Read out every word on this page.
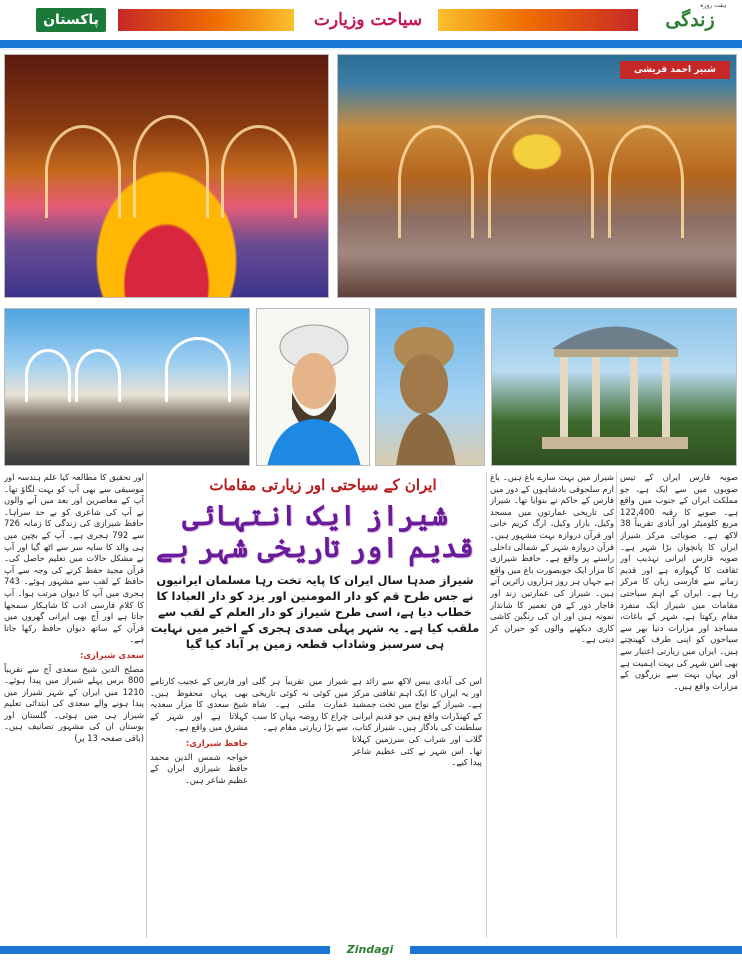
پاکستان	سیاحت وزیارت	زندگی
ہفت روزہ
شبیر احمد قریشی
ایران کے سیاحتی اور زیارتی مقامات
شیراز ایک انتہائی قدیم اور تاریخی شہر ہے
شیراز صدہا سال ایران کا پایہ تخت رہا مسلمان ایرانیوں نے جس طرح قم کو دار المومنین اور یزد کو دار العبادا کا خطاب دیا ہے، اسی طرح شیراز کو دار العلم کے لقب سے ملقب کیا ہے۔ یہ شہر پہلی صدی ہجری کے اخیر میں نہایت ہی سرسبز وشاداب قطعہ زمین پر آباد کیا گیا
صوبہ فارس ایران کے تیس صوبوں میں سے ایک ہے، جو مملکت ایران کے جنوب میں واقع ہے۔ صوبے کا رقبہ 122,400 مربع کلومیٹر اور آبادی تقریباً 38 لاکھ ہے۔ صوبائی مرکز شیراز ایران کا پانچواں بڑا شہر ہے۔ صوبہ فارس ایرانی تہذیب اور ثقافت کا گہوارہ ہے اور قدیم زمانے سے فارسی زبان کا مرکز رہا ہے۔ ایران کے اہم سیاحتی مقامات میں شیراز ایک منفرد مقام رکھتا ہے، شہر کے باغات، مساجد اور مزارات دنیا بھر سے سیاحوں کو اپنی طرف کھینچتے ہیں۔ ایران میں زیارتی اعتبار سے بھی اس شہر کی بہت اہمیت ہے اور یہاں بہت سے بزرگوں کے مزارات واقع ہیں۔
شیراز میں بہت سارے باغ ہیں۔ باغ ارم سلجوقی بادشاہوں کے دور میں فارس کے حاکم نے بنوایا تھا۔ شیراز کی تاریخی عمارتوں میں مسجد وکیل، بازار وکیل، ارگ کریم خانی اور قرآن دروازہ بہت مشہور ہیں۔ قرآن دروازہ شہر کے شمالی داخلی راستے پر واقع ہے۔ حافظ شیرازی کا مزار ایک خوبصورت باغ میں واقع ہے جہاں ہر روز ہزاروں زائرین آتے ہیں۔ شیراز کی عمارتیں زند اور قاجار دور کے فن تعمیر کا شاندار نمونہ ہیں اور ان کی رنگین کاشی کاری دیکھنے والوں کو حیران کر دیتی ہے۔
اس کی آبادی بیس لاکھ سے زائد ہے اور یہ ایران کا ایک اہم ثقافتی مرکز ہے۔ شیراز کے نواح میں تخت جمشید کے کھنڈرات واقع ہیں جو قدیم ایرانی سلطنت کی یادگار ہیں۔ شیراز کتاب، گلاب اور شراب کی سرزمین کہلاتا تھا۔ اس شہر نے کئی عظیم شاعر پیدا کیے۔
شیراز میں تقریباً ہر گلی میں کوئی نہ کوئی تاریخی عمارت ملتی ہے۔ شاہ چراغ کا روضہ یہاں کا سب سے بڑا زیارتی مقام ہے۔
اور فارس کے عجیب کارنامے بھی یہاں محفوظ ہیں۔ شیخ سعدی کا مزار سعدیہ کہلاتا ہے اور شہر کے مشرق میں واقع ہے۔
حافظ شیرازی:
خواجہ شمس الدین محمد حافظ شیرازی ایران کے عظیم شاعر ہیں۔
اور تحقیق کا مطالعہ کیا علم ہندسہ اور موسیقی سے بھی آپ کو بہت لگاؤ تھا۔ آپ کے معاصرین اور بعد میں آنے والوں نے آپ کی شاعری کو بے حد سراہا۔ حافظ شیرازی کی زندگی کا زمانہ 726 سے 792 ہجری ہے۔ آپ کے بچپن میں ہی والد کا سایہ سر سے اٹھ گیا اور آپ نے مشکل حالات میں تعلیم حاصل کی۔ قرآن مجید حفظ کرنے کی وجہ سے آپ حافظ کے لقب سے مشہور ہوئے۔ 743 ہجری میں آپ کا دیوان مرتب ہوا۔ آپ کا کلام فارسی ادب کا شاہکار سمجھا جاتا ہے اور آج بھی ایرانی گھروں میں قرآن کے ساتھ دیوان حافظ رکھا جاتا ہے۔
سعدی شیرازی:
مصلح الدین شیخ سعدی آج سے تقریباً 800 برس پہلے شیراز میں پیدا ہوئے۔ 1210 میں ایران کے شہر شیراز میں پیدا ہونے والے سعدی کی ابتدائی تعلیم شیراز ہی میں ہوئی۔ گلستان اور بوستان ان کی مشہور تصانیف ہیں۔ (باقی صفحہ 13 پر)
Zindagi
